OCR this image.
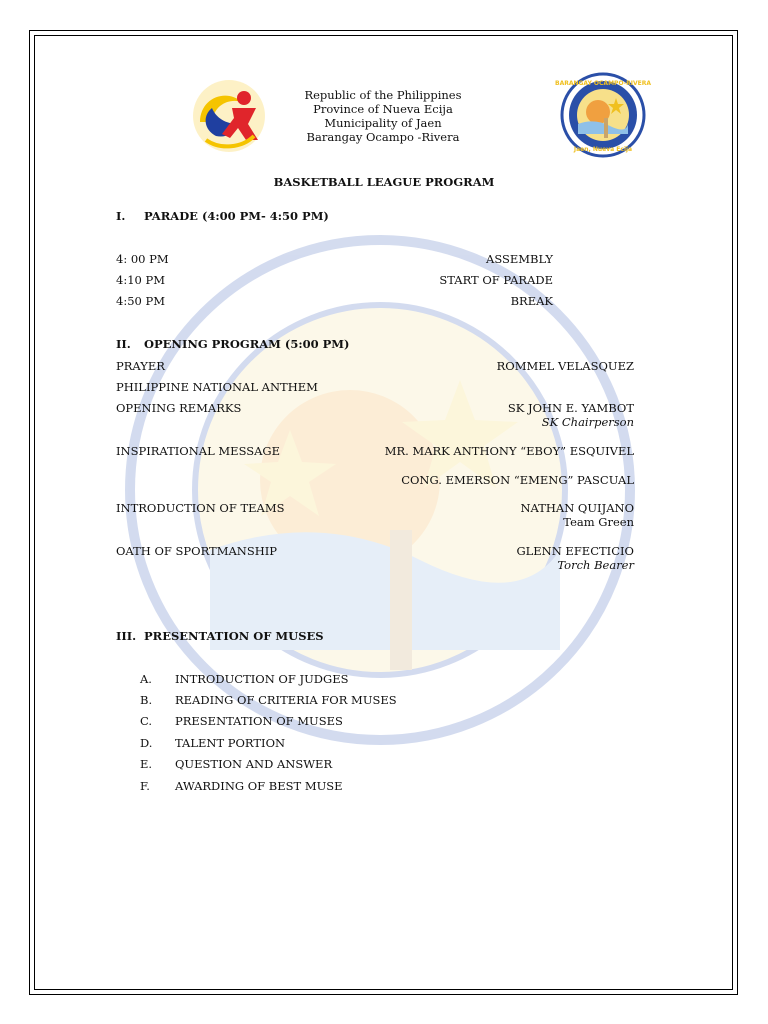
BARANGAY OCAMPO-RIVERA
Jaen, Nueva Ecija
Republic of the Philippines
Province of Nueva Ecija
Municipality of Jaen
Barangay Ocampo -Rivera
BASKETBALL LEAGUE PROGRAM
I. PARADE (4:00 PM- 4:50 PM)
4: 00 PM	ASSEMBLY
4:10 PM	START OF PARADE
4:50 PM	BREAK
II. OPENING PROGRAM (5:00 PM)
PRAYER	ROMMEL VELASQUEZ
PHILIPPINE NATIONAL ANTHEM
OPENING REMARKS	SK JOHN E. YAMBOT
SK Chairperson
INSPIRATIONAL MESSAGE	MR. MARK ANTHONY “EBOY” ESQUIVEL
CONG. EMERSON “EMENG” PASCUAL
INTRODUCTION OF TEAMS	NATHAN QUIJANO
Team Green
OATH OF SPORTMANSHIP	GLENN EFECTICIO
Torch Bearer
III. PRESENTATION OF MUSES
A. INTRODUCTION OF JUDGES
B. READING OF CRITERIA FOR MUSES
C. PRESENTATION OF MUSES
D. TALENT PORTION
E. QUESTION AND ANSWER
F. AWARDING OF BEST MUSE
